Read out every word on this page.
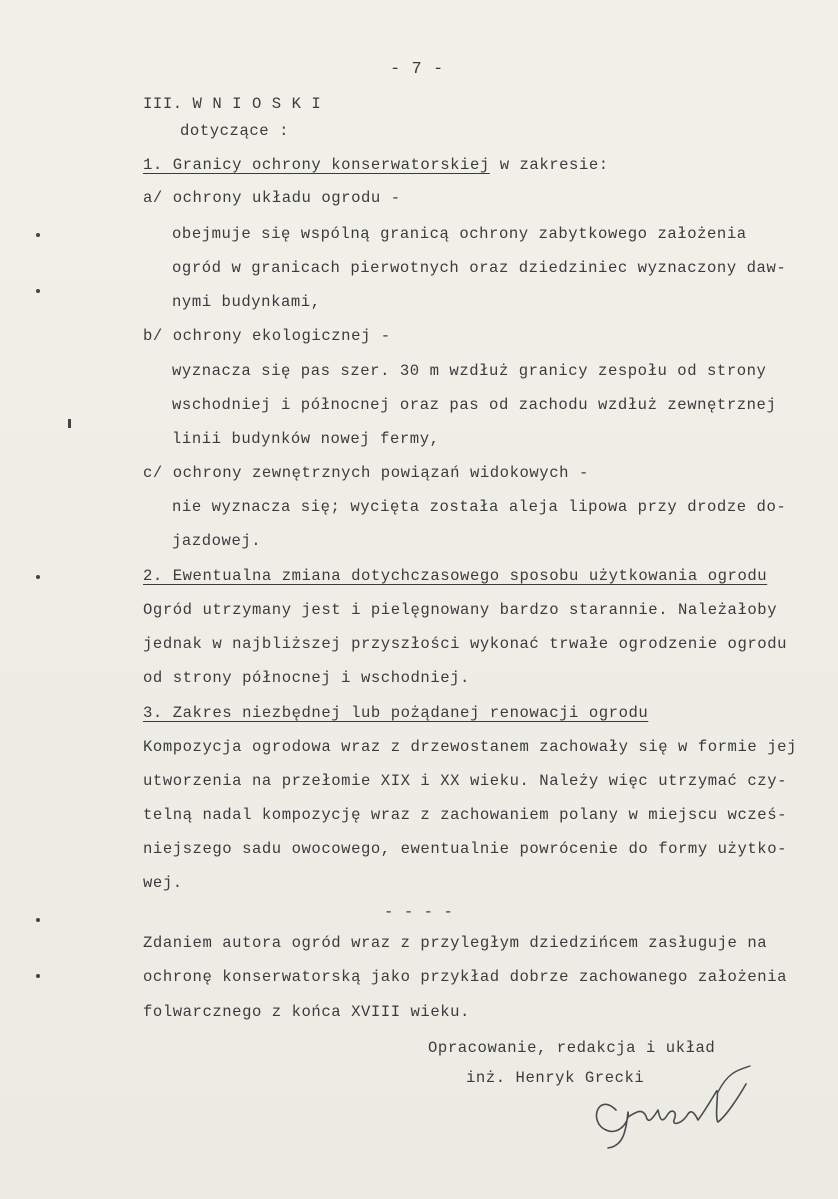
- 7 -
III. W N I O S K I
dotyczące :
1. Granicy ochrony konserwatorskiej w zakresie:
a/ ochrony układu ogrodu -
obejmuje się wspólną granicą ochrony zabytkowego założenia
ogród w granicach pierwotnych oraz dziedziniec wyznaczony daw-
nymi budynkami,
b/ ochrony ekologicznej -
wyznacza się pas szer. 30 m wzdłuż granicy zespołu od strony
wschodniej i północnej oraz pas od zachodu wzdłuż zewnętrznej
linii budynków nowej fermy,
c/ ochrony zewnętrznych powiązań widokowych -
nie wyznacza się; wycięta została aleja lipowa przy drodze do-
jazdowej.
2. Ewentualna zmiana dotychczasowego sposobu użytkowania ogrodu
Ogród utrzymany jest i pielęgnowany bardzo starannie. Należałoby
jednak w najbliższej przyszłości wykonać trwałe ogrodzenie ogrodu
od strony północnej i wschodniej.
3. Zakres niezbędnej lub pożądanej renowacji ogrodu
Kompozycja ogrodowa wraz z drzewostanem zachowały się w formie jej
utworzenia na przełomie XIX i XX wieku. Należy więc utrzymać czy-
telną nadal kompozycję wraz z zachowaniem polany w miejscu wcześ-
niejszego sadu owocowego, ewentualnie powrócenie do formy użytko-
wej.
- - - -
Zdaniem autora ogród wraz z przyległym dziedzińcem zasługuje na
ochronę konserwatorską jako przykład dobrze zachowanego założenia
folwarcznego z końca XVIII wieku.
Opracowanie, redakcja i układ
inż. Henryk Grecki
